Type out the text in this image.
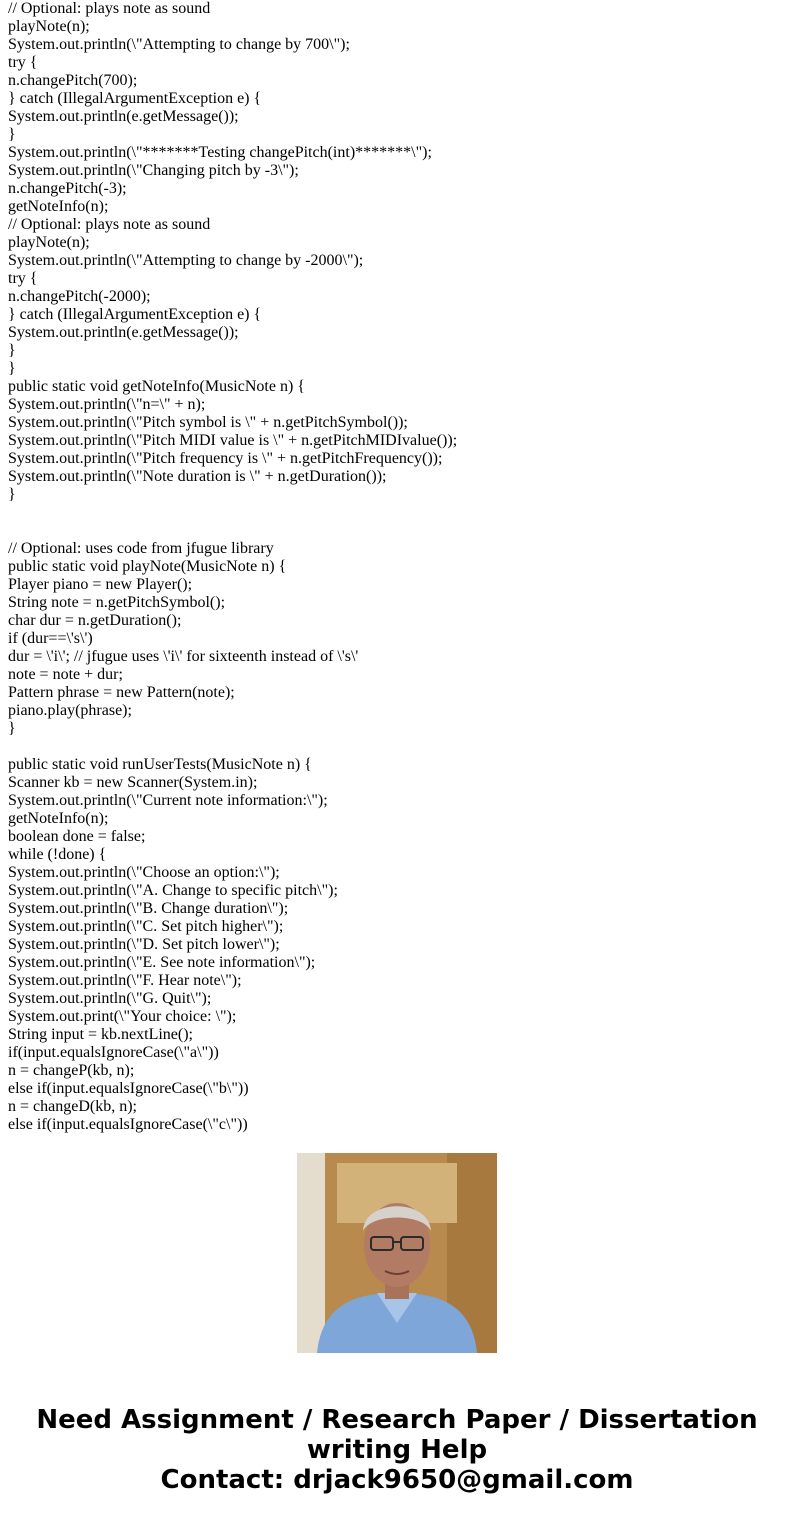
// Optional: plays note as sound
playNote(n);
System.out.println(\"Attempting to change by 700\");
try {
n.changePitch(700);
} catch (IllegalArgumentException e) {
System.out.println(e.getMessage());
}
System.out.println(\"*******Testing changePitch(int)*******\");
System.out.println(\"Changing pitch by -3\");
n.changePitch(-3);
getNoteInfo(n);
// Optional: plays note as sound
playNote(n);
System.out.println(\"Attempting to change by -2000\");
try {
n.changePitch(-2000);
} catch (IllegalArgumentException e) {
System.out.println(e.getMessage());
}
}
public static void getNoteInfo(MusicNote n) {
System.out.println(\"n=\" + n);
System.out.println(\"Pitch symbol is \" + n.getPitchSymbol());
System.out.println(\"Pitch MIDI value is \" + n.getPitchMIDIvalue());
System.out.println(\"Pitch frequency is \" + n.getPitchFrequency());
System.out.println(\"Note duration is \" + n.getDuration());
}
// Optional: uses code from jfugue library
public static void playNote(MusicNote n) {
Player piano = new Player();
String note = n.getPitchSymbol();
char dur = n.getDuration();
if (dur==\'s\')
dur = \'i\'; // jfugue uses \'i\' for sixteenth instead of \'s\'
note = note + dur;
Pattern phrase = new Pattern(note);
piano.play(phrase);
}
public static void runUserTests(MusicNote n) {
Scanner kb = new Scanner(System.in);
System.out.println(\"Current note information:\");
getNoteInfo(n);
boolean done = false;
while (!done) {
System.out.println(\"Choose an option:\");
System.out.println(\"A. Change to specific pitch\");
System.out.println(\"B. Change duration\");
System.out.println(\"C. Set pitch higher\");
System.out.println(\"D. Set pitch lower\");
System.out.println(\"E. See note information\");
System.out.println(\"F. Hear note\");
System.out.println(\"G. Quit\");
System.out.print(\"Your choice: \");
String input = kb.nextLine();
if(input.equalsIgnoreCase(\"a\"))
n = changeP(kb, n);
else if(input.equalsIgnoreCase(\"b\"))
n = changeD(kb, n);
else if(input.equalsIgnoreCase(\"c\"))
Need Assignment / Research Paper / Dissertation
writing Help
Contact: drjack9650@gmail.com
